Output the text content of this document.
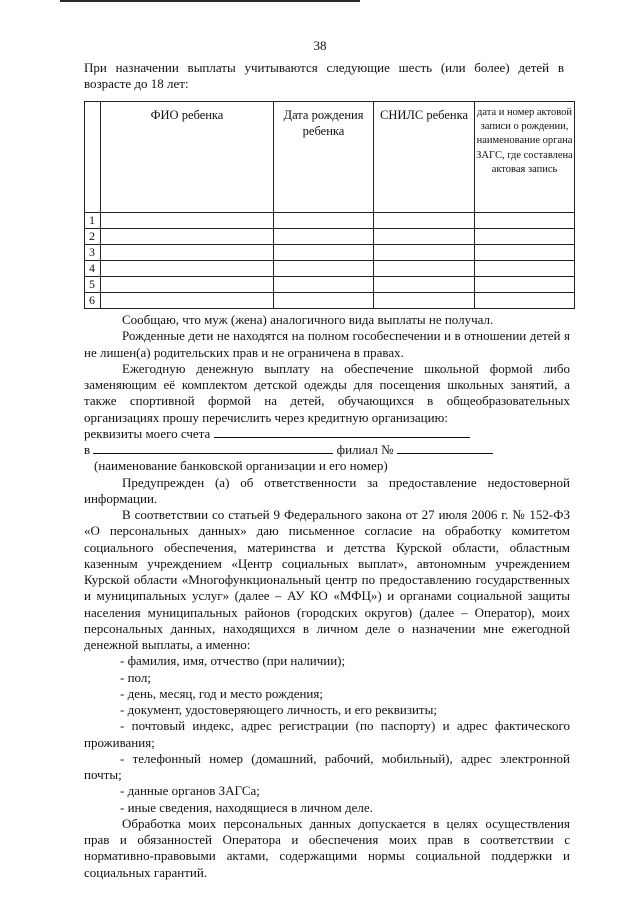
38
При назначении выплаты учитываются следующие шесть (или более) детей в возрасте до 18 лет:
	ФИО ребенка	Дата рождения ребенка	СНИЛС ребенка	дата и номер актовой записи о рождении, наименование органа ЗАГС, где составлена актовая запись
1				
2				
3				
4				
5				
6				

Сообщаю, что муж (жена) аналогичного вида выплаты не получал.

Рожденные дети не находятся на полном гособеспечении и в отношении детей я не лишен(а) родительских прав и не ограничена в правах.

Ежегодную денежную выплату на обеспечение школьной формой либо заменяющим её комплектом детской одежды для посещения школьных занятий, а также спортивной формой на детей, обучающихся в общеобразовательных организациях прошу перечислить через кредитную организацию:

реквизиты моего счета

в	филиал №

(наименование банковской организации и его номер)

Предупрежден (а) об ответственности за предоставление недостоверной информации.

В соответствии со статьей 9 Федерального закона от 27 июля 2006 г. № 152-ФЗ «О персональных данных» даю письменное согласие на обработку комитетом социального обеспечения, материнства и детства Курской области, областным казенным учреждением «Центр социальных выплат», автономным учреждением Курской области «Многофункциональный центр по предоставлению государственных и муниципальных услуг» (далее – АУ КО «МФЦ») и органами социальной защиты населения муниципальных районов (городских округов) (далее – Оператор), моих персональных данных, находящихся в личном деле о назначении мне ежегодной денежной выплаты, а именно:

- фамилия, имя, отчество (при наличии);

- пол;

- день, месяц, год и место рождения;

- документ, удостоверяющего личность, и его реквизиты;

- почтовый индекс, адрес регистрации (по паспорту) и адрес фактического проживания;

- телефонный номер (домашний, рабочий, мобильный), адрес электронной почты;

- данные органов ЗАГСа;

- иные сведения, находящиеся в личном деле.

Обработка моих персональных данных допускается в целях осуществления прав и обязанностей Оператора и обеспечения моих прав в соответствии с нормативно-правовыми актами, содержащими нормы социальной поддержки и социальных гарантий.
